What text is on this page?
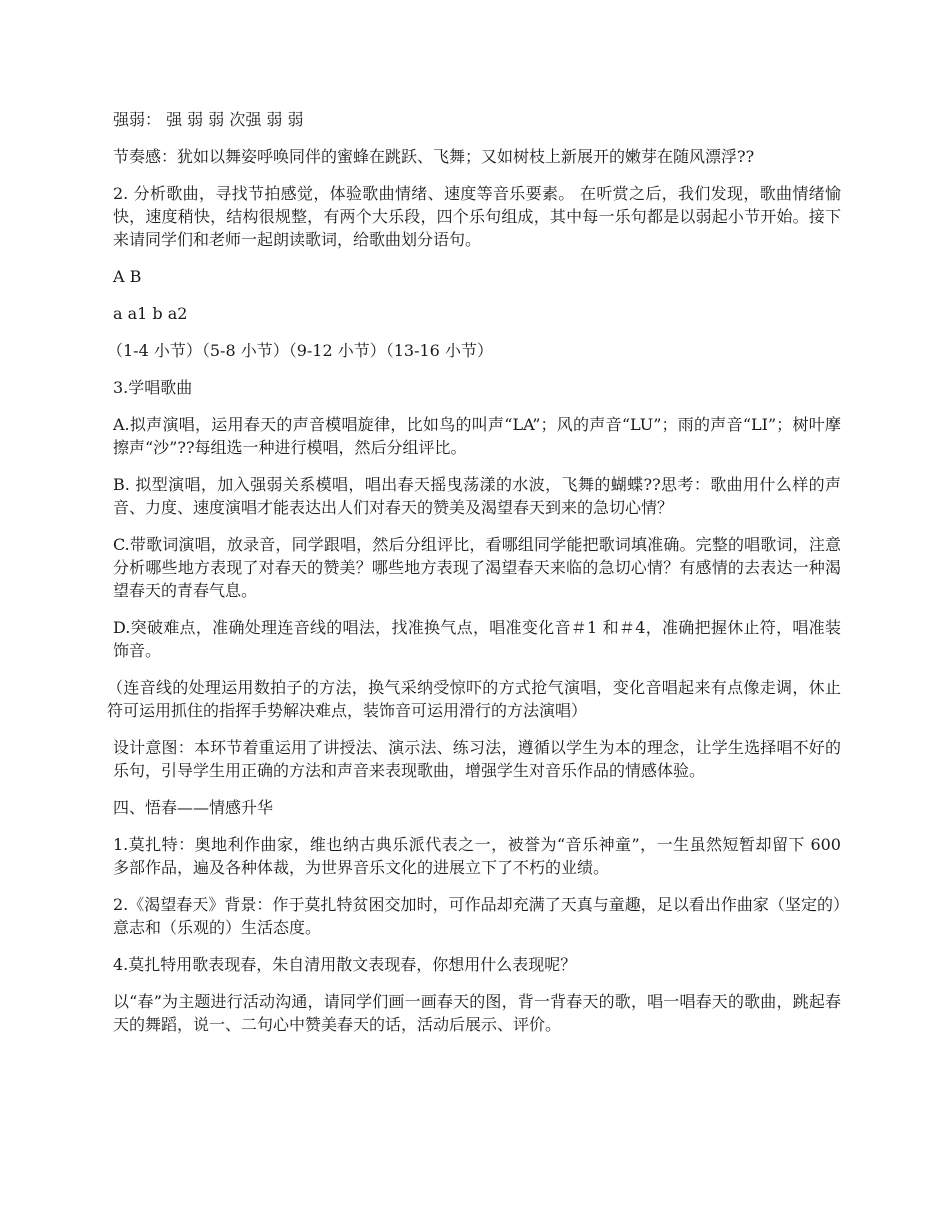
强弱： 强 弱 弱 次强 弱 弱

节奏感：犹如以舞姿呼唤同伴的蜜蜂在跳跃、飞舞；又如树枝上新展开的嫩芽在随风漂浮??

2. 分析歌曲，寻找节拍感觉，体验歌曲情绪、速度等音乐要素。 在听赏之后，我们发现，歌曲情绪愉快，速度稍快，结构很规整，有两个大乐段，四个乐句组成，其中每一乐句都是以弱起小节开始。接下来请同学们和老师一起朗读歌词，给歌曲划分语句。

A B

a a1 b a2

（1-4 小节）（5-8 小节）（9-12 小节）（13-16 小节）

3.学唱歌曲

A.拟声演唱，运用春天的声音模唱旋律，比如鸟的叫声“LA”；风的声音“LU”；雨的声音“LI”；树叶摩擦声“沙”??每组选一种进行模唱，然后分组评比。

B. 拟型演唱，加入强弱关系模唱，唱出春天摇曳荡漾的水波，飞舞的蝴蝶??思考：歌曲用什么样的声音、力度、速度演唱才能表达出人们对春天的赞美及渴望春天到来的急切心情？

C.带歌词演唱，放录音，同学跟唱，然后分组评比，看哪组同学能把歌词填准确。完整的唱歌词，注意分析哪些地方表现了对春天的赞美？哪些地方表现了渴望春天来临的急切心情？有感情的去表达一种渴望春天的青春气息。

D.突破难点，准确处理连音线的唱法，找准换气点，唱准变化音＃1 和＃4，准确把握休止符，唱准装饰音。

（连音线的处理运用数拍子的方法，换气采纳受惊吓的方式抢气演唱，变化音唱起来有点像走调，休止符可运用抓住的指挥手势解决难点，装饰音可运用滑行的方法演唱）

设计意图：本环节着重运用了讲授法、演示法、练习法，遵循以学生为本的理念，让学生选择唱不好的乐句，引导学生用正确的方法和声音来表现歌曲，增强学生对音乐作品的情感体验。

四、悟春——情感升华

1.莫扎特：奥地利作曲家，维也纳古典乐派代表之一，被誉为“音乐神童”，一生虽然短暂却留下 600 多部作品，遍及各种体裁，为世界音乐文化的进展立下了不朽的业绩。

2.《渴望春天》背景：作于莫扎特贫困交加时，可作品却充满了天真与童趣，足以看出作曲家（坚定的）意志和（乐观的）生活态度。

4.莫扎特用歌表现春，朱自清用散文表现春，你想用什么表现呢？

以“春”为主题进行活动沟通，请同学们画一画春天的图，背一背春天的歌，唱一唱春天的歌曲，跳起春天的舞蹈，说一、二句心中赞美春天的话，活动后展示、评价。
